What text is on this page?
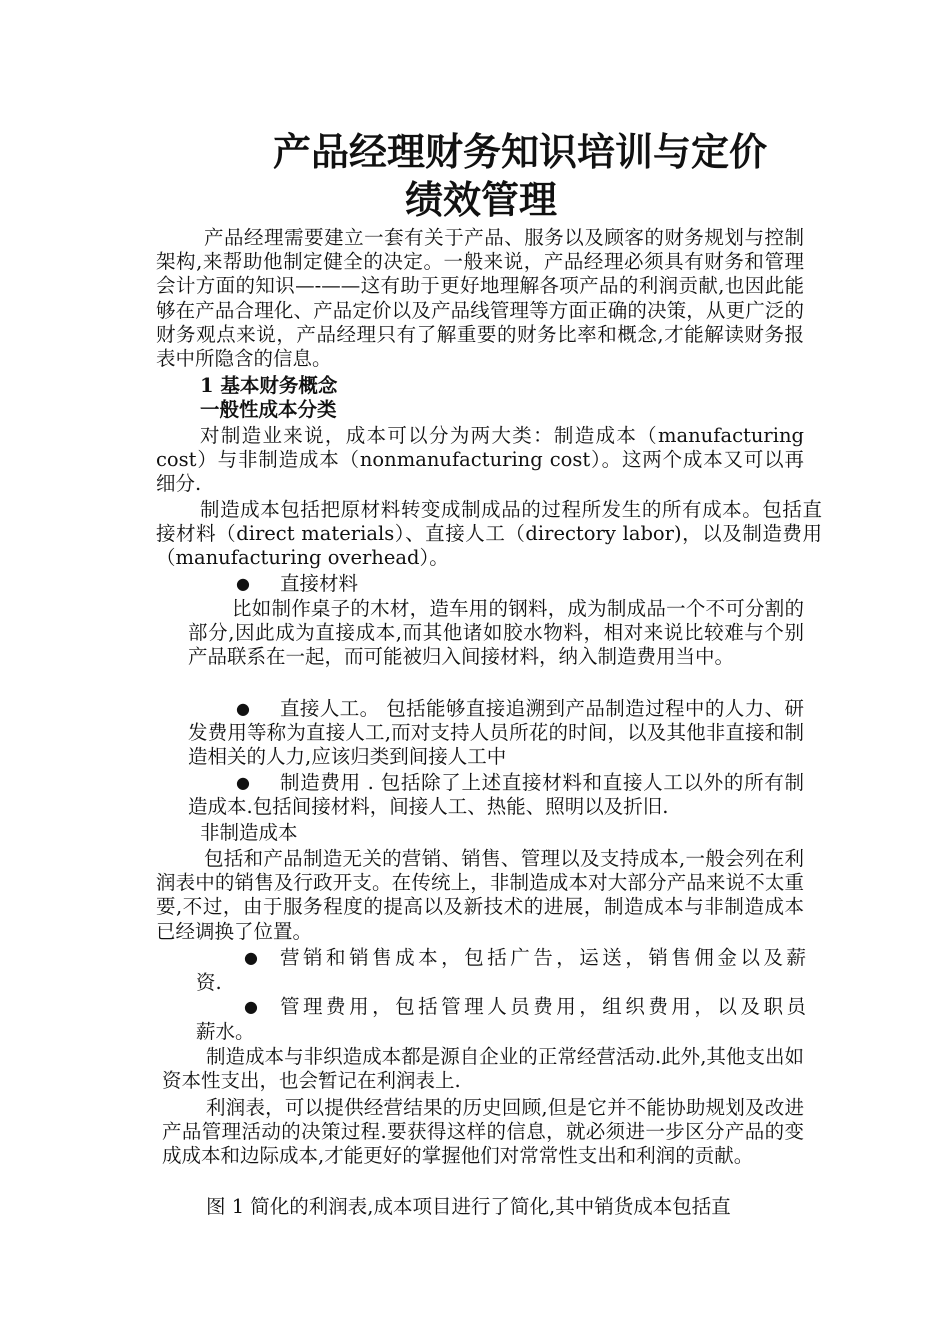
产品经理财务知识培训与定价
绩效管理

产品经理需要建立一套有关于产品、服务以及顾客的财务规划与控制架构,来帮助他制定健全的决定。一般来说，产品经理必须具有财务和管理会计方面的知识—-——这有助于更好地理解各项产品的利润贡献,也因此能够在产品合理化、产品定价以及产品线管理等方面正确的决策，从更广泛的财务观点来说，产品经理只有了解重要的财务比率和概念,才能解读财务报表中所隐含的信息。

1 基本财务概念

一般性成本分类

对制造业来说，成本可以分为两大类：制造成本（manufacturing cost）与非制造成本（nonmanufacturing cost）。这两个成本又可以再细分.

制造成本包括把原材料转变成制成品的过程所发生的所有成本。包括直接材料（direct materials）、直接人工（directory labor)，以及制造费用（manufacturing overhead）。

● 直接材料

比如制作桌子的木材，造车用的钢料，成为制成品一个不可分割的部分,因此成为直接成本,而其他诸如胶水物料，相对来说比较难与个别产品联系在一起，而可能被归入间接材料，纳入制造费用当中。

●	直接人工。 包括能够直接追溯到产品制造过程中的人力、研发费用等称为直接人工,而对支持人员所花的时间，以及其他非直接和制造相关的人力,应该归类到间接人工中

●	制造费用 . 包括除了上述直接材料和直接人工以外的所有制造成本.包括间接材料，间接人工、热能、照明以及折旧.

非制造成本

包括和产品制造无关的营销、销售、管理以及支持成本,一般会列在利润表中的销售及行政开支。在传统上，非制造成本对大部分产品来说不太重要,不过，由于服务程度的提高以及新技术的进展，制造成本与非制造成本已经调换了位置。

● 营销和销售成本，包括广告，运送，销售佣金以及薪

资.

● 管理费用，包括管理人员费用，组织费用，以及职员

薪水。

制造成本与非织造成本都是源自企业的正常经营活动.此外,其他支出如资本性支出，也会暂记在利润表上.

利润表，可以提供经营结果的历史回顾,但是它并不能协助规划及改进产品管理活动的决策过程.要获得这样的信息，就必须进一步区分产品的变成成本和边际成本,才能更好的掌握他们对常常性支出和利润的贡献。

图 1 简化的利润表,成本项目进行了简化,其中销货成本包括直
